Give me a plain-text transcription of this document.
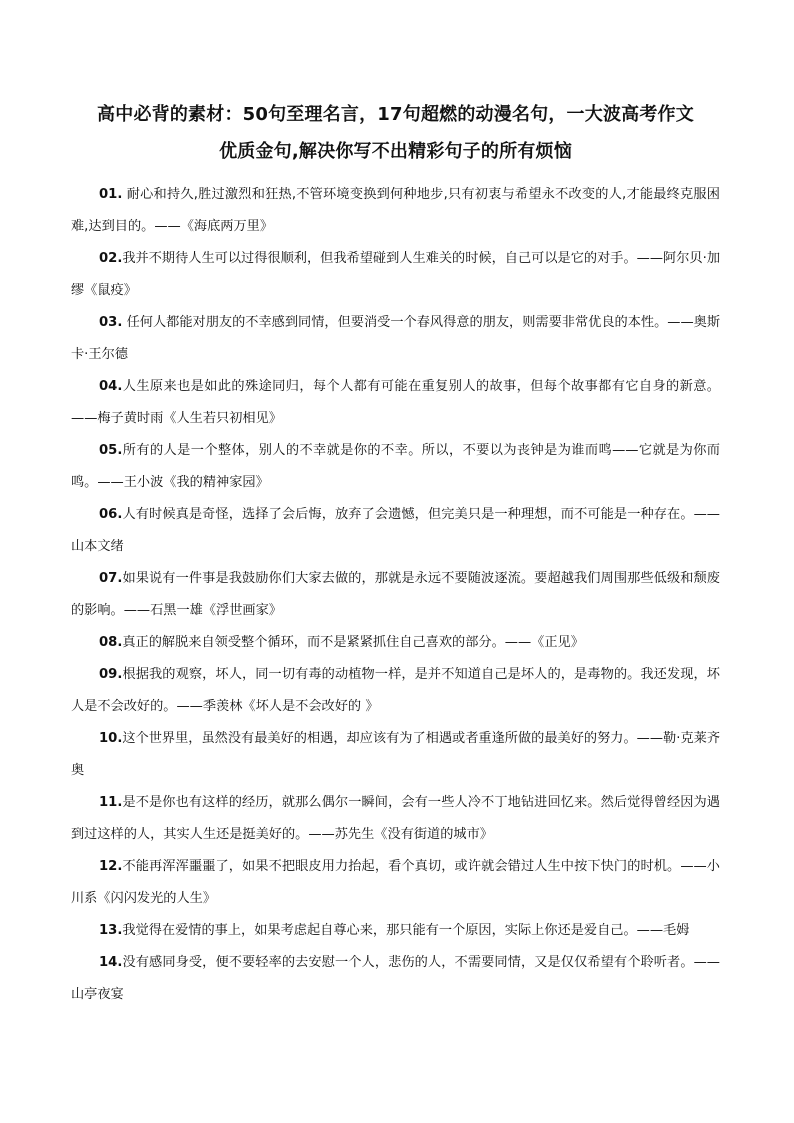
高中必背的素材：50句至理名言，17句超燃的动漫名句，一大波高考作文
优质金句,解决你写不出精彩句子的所有烦恼

01. 耐心和持久,胜过激烈和狂热,不管环境变换到何种地步,只有初衷与希望永不改变的人,才能最终克服困难,达到目的。——《海底两万里》

02.我并不期待人生可以过得很顺利，但我希望碰到人生难关的时候，自己可以是它的对手。——阿尔贝·加缪《鼠疫》

03. 任何人都能对朋友的不幸感到同情，但要消受一个春风得意的朋友，则需要非常优良的本性。——奥斯卡·王尔德

04.人生原来也是如此的殊途同归，每个人都有可能在重复别人的故事，但每个故事都有它自身的新意。——梅子黄时雨《人生若只初相见》

05.所有的人是一个整体，别人的不幸就是你的不幸。所以，不要以为丧钟是为谁而鸣——它就是为你而鸣。——王小波《我的精神家园》

06.人有时候真是奇怪，选择了会后悔，放弃了会遗憾，但完美只是一种理想，而不可能是一种存在。——山本文绪

07.如果说有一件事是我鼓励你们大家去做的，那就是永远不要随波逐流。要超越我们周围那些低级和颓废的影响。——石黑一雄《浮世画家》

08.真正的解脱来自领受整个循环，而不是紧紧抓住自己喜欢的部分。——《正见》

09.根据我的观察，坏人，同一切有毒的动植物一样，是并不知道自己是坏人的，是毒物的。我还发现，坏人是不会改好的。——季羡林《坏人是不会改好的 》

10.这个世界里，虽然没有最美好的相遇，却应该有为了相遇或者重逢所做的最美好的努力。——勒·克莱齐奥

11.是不是你也有这样的经历，就那么偶尔一瞬间，会有一些人冷不丁地钻进回忆来。然后觉得曾经因为遇到过这样的人，其实人生还是挺美好的。——苏先生《没有街道的城市》

12.不能再浑浑噩噩了，如果不把眼皮用力抬起，看个真切，或许就会错过人生中按下快门的时机。——小川系《闪闪发光的人生》

13.我觉得在爱情的事上，如果考虑起自尊心来，那只能有一个原因，实际上你还是爱自己。——毛姆

14.没有感同身受，便不要轻率的去安慰一个人，悲伤的人，不需要同情，又是仅仅希望有个聆听者。——山亭夜宴
